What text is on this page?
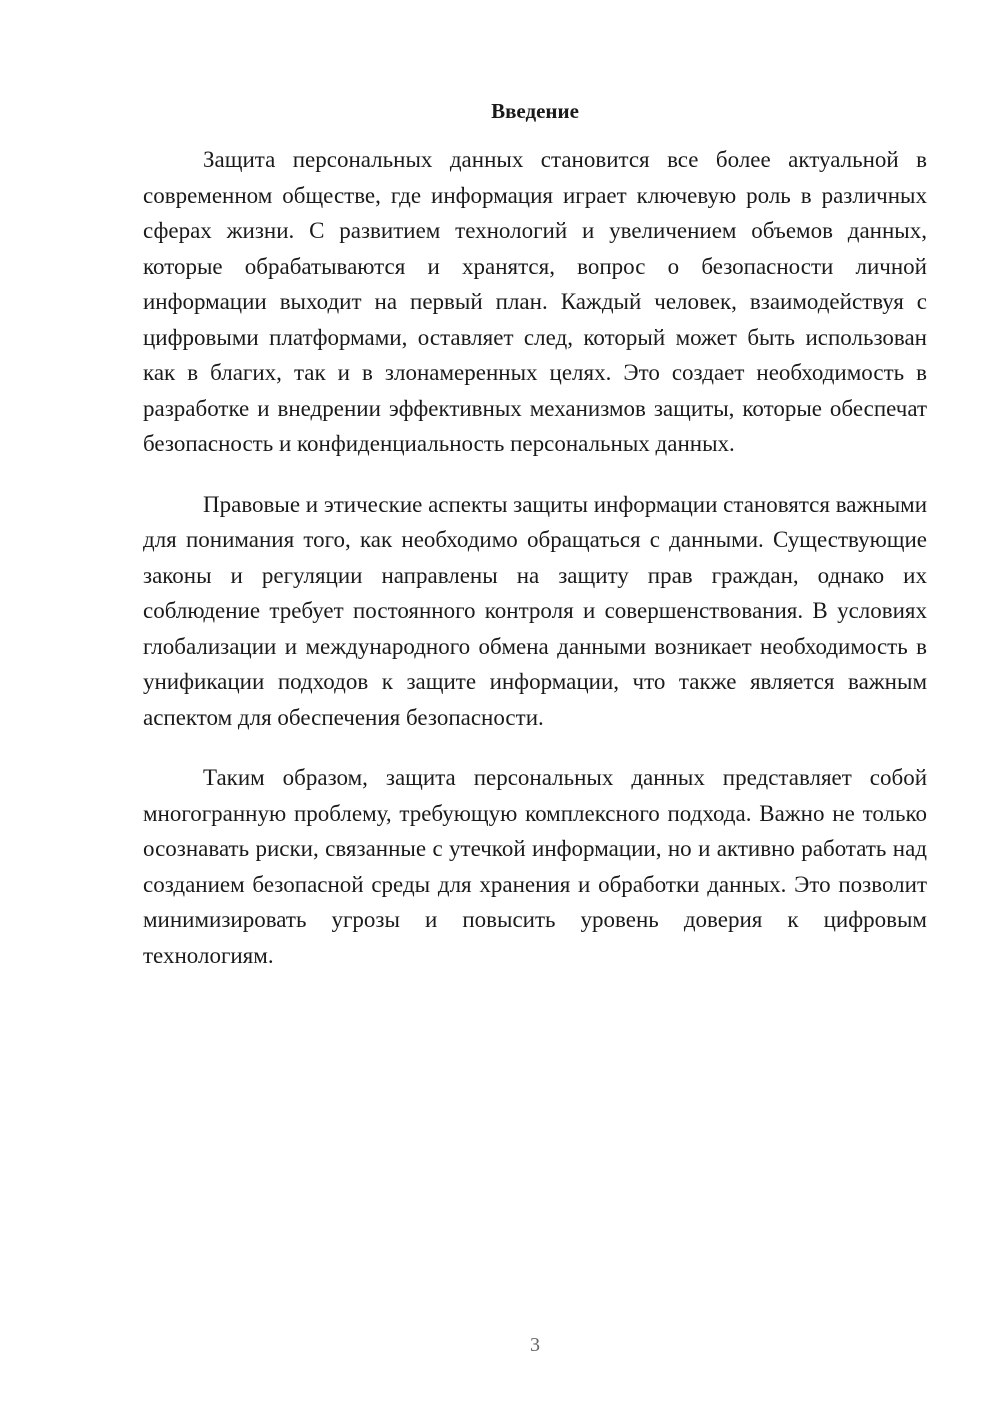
Введение

Защита персональных данных становится все более актуальной в современном обществе, где информация играет ключевую роль в различных сферах жизни. С развитием технологий и увеличением объемов данных, которые обрабатываются и хранятся, вопрос о безопасности личной информации выходит на первый план. Каждый человек, взаимодействуя с цифровыми платформами, оставляет след, который может быть использован как в благих, так и в злонамеренных целях. Это создает необходимость в разработке и внедрении эффективных механизмов защиты, которые обеспечат безопасность и конфиденциальность персональных данных.

Правовые и этические аспекты защиты информации становятся важными для понимания того, как необходимо обращаться с данными. Существующие законы и регуляции направлены на защиту прав граждан, однако их соблюдение требует постоянного контроля и совершенствования. В условиях глобализации и международного обмена данными возникает необходимость в унификации подходов к защите информации, что также является важным аспектом для обеспечения безопасности.

Таким образом, защита персональных данных представляет собой многогранную проблему, требующую комплексного подхода. Важно не только осознавать риски, связанные с утечкой информации, но и активно работать над созданием безопасной среды для хранения и обработки данных. Это позволит минимизировать угрозы и повысить уровень доверия к цифровым технологиям.

3
